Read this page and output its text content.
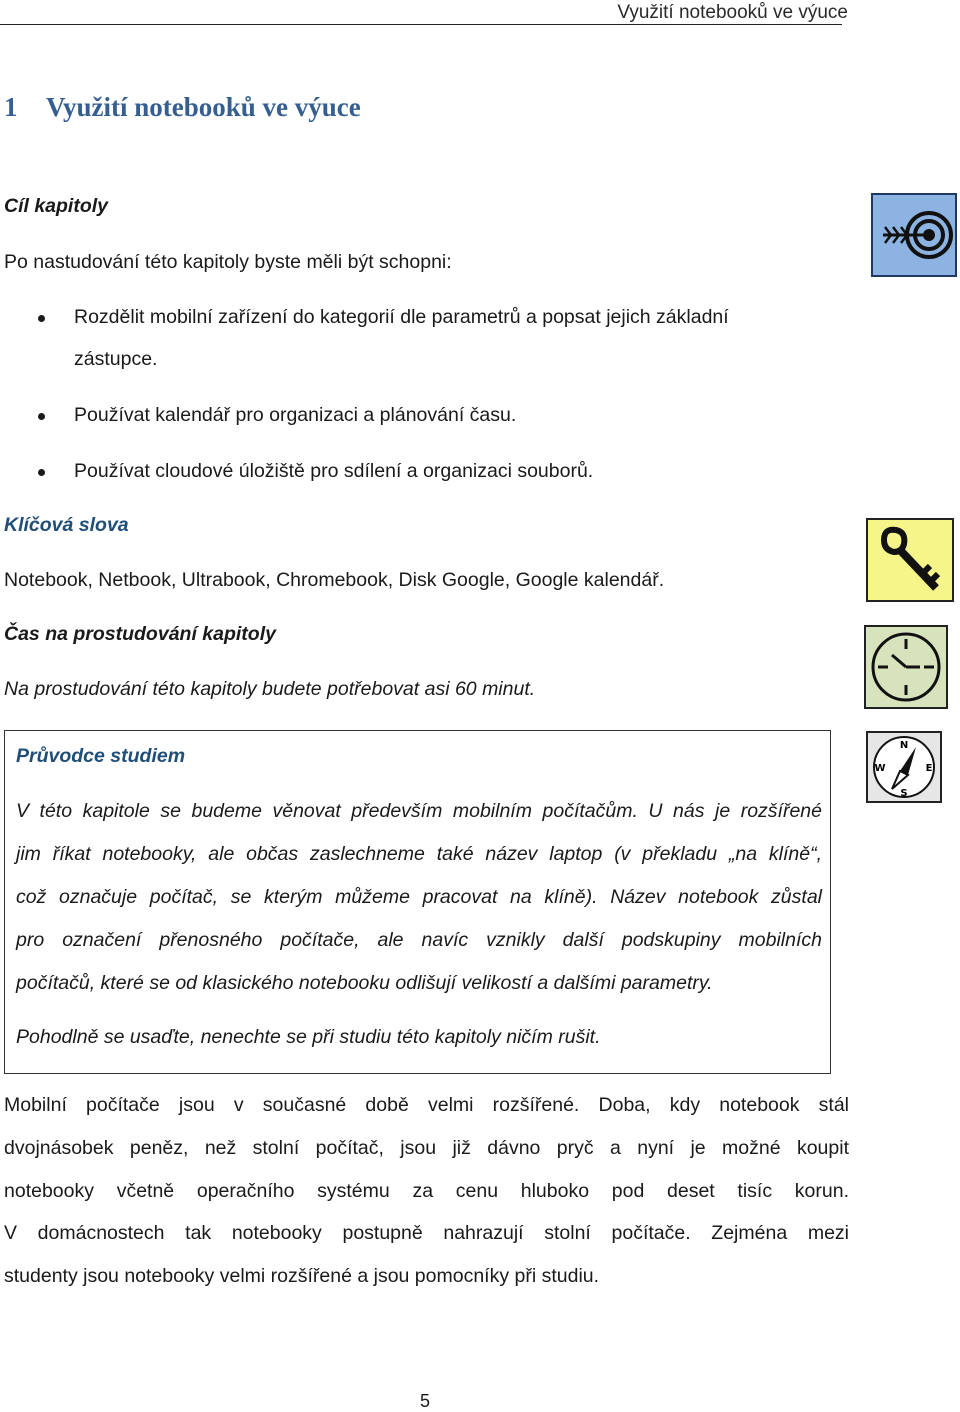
Využití notebooků ve výuce
1 Využití notebooků ve výuce
Cíl kapitoly
Po nastudování této kapitoly byste měli být schopni:
Rozdělit mobilní zařízení do kategorií dle parametrů a popsat jejich základní
zástupce.
Používat kalendář pro organizaci a plánování času.
Používat cloudové úložiště pro sdílení a organizaci souborů.
Klíčová slova
Notebook, Netbook, Ultrabook, Chromebook, Disk Google, Google kalendář.
Čas na prostudování kapitoly
Na prostudování této kapitoly budete potřebovat asi 60 minut.
Průvodce studiem
V této kapitole se budeme věnovat především mobilním počítačům. U nás je rozšířené
jim říkat notebooky, ale občas zaslechneme také název laptop (v překladu „na klíně“,
což označuje počítač, se kterým můžeme pracovat na klíně). Název notebook zůstal
pro označení přenosného počítače, ale navíc vznikly další podskupiny mobilních
počítačů, které se od klasického notebooku odlišují velikostí a dalšími parametry.
Pohodlně se usaďte, nenechte se při studiu této kapitoly ničím rušit.
N
S
W	E
Mobilní počítače jsou v současné době velmi rozšířené. Doba, kdy notebook stál
dvojnásobek peněz, než stolní počítač, jsou již dávno pryč a nyní je možné koupit
notebooky včetně operačního systému za cenu hluboko pod deset tisíc korun.
V domácnostech tak notebooky postupně nahrazují stolní počítače. Zejména mezi
studenty jsou notebooky velmi rozšířené a jsou pomocníky při studiu.
5
